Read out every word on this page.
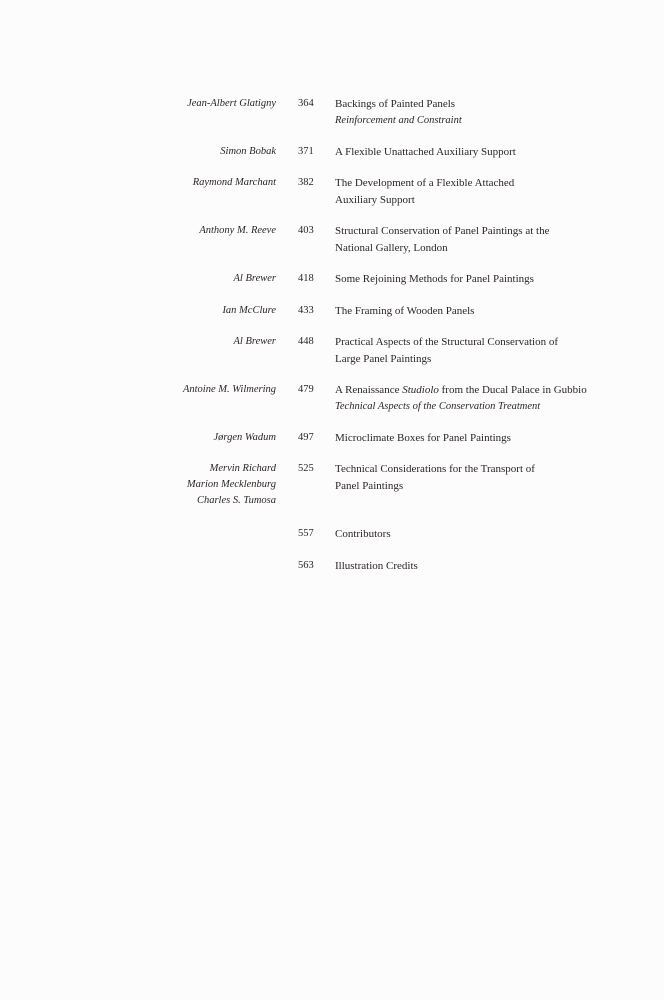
Jean-Albert Glatigny 364	Backings of Painted Panels
Reinforcement and Constraint
Simon Bobak 371	A Flexible Unattached Auxiliary Support
Raymond Marchant 382	The Development of a Flexible Attached
Auxiliary Support
Anthony M. Reeve 403	Structural Conservation of Panel Paintings at the
National Gallery, London
Al Brewer 418	Some Rejoining Methods for Panel Paintings
Ian McClure 433	The Framing of Wooden Panels
Al Brewer 448	Practical Aspects of the Structural Conservation of
Large Panel Paintings
Antoine M. Wilmering 479	A Renaissance Studiolo from the Ducal Palace in Gubbio
Technical Aspects of the Conservation Treatment
Jørgen Wadum 497	Microclimate Boxes for Panel Paintings
Mervin Richard
Marion Mecklenburg
Charles S. Tumosa
525	Technical Considerations for the Transport of
Panel Paintings
557	Contributors
563	Illustration Credits
